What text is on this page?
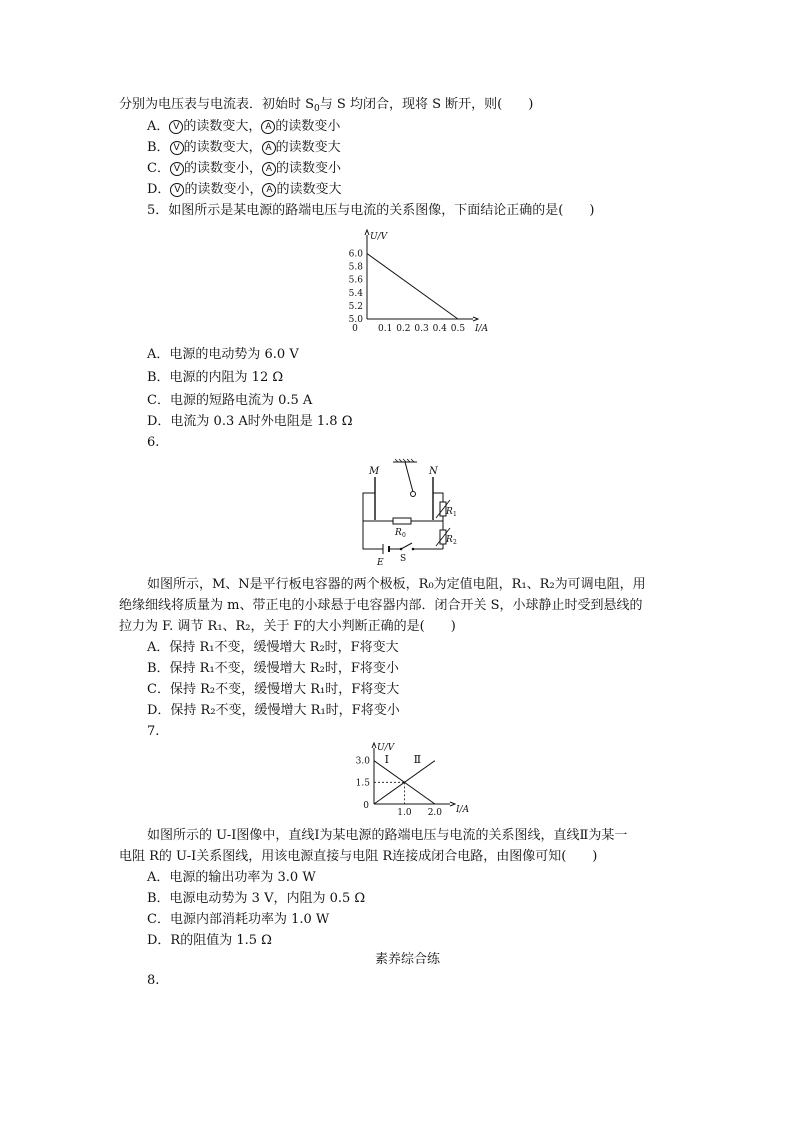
分别为电压表与电流表．初始时 $S_0$与 S 均闭合，现将 S 断开，则(　　)
A． V 的读数变大， A 的读数变小
B． V 的读数变大， A 的读数变大
C． V 的读数变小， A 的读数变小
D． V 的读数变小， A 的读数变大
5．如图所示是某电源的路端电压与电流的关系图像，下面结论正确的是(　　)
U/V
I/A
5.0
5.2
5.4
5.6
5.8
6.0
0 0.1 0.2 0.3 0.4 0.5
A．电源的电动势为 6.0 V
B．电源的内阻为 12 Ω
C．电源的短路电流为 0.5 A
D．电流为 0.3 A时外电阻是 1.8 Ω
6.
M	N
R 0
R 1
R 2
E S
如图所示，M、N是平行板电容器的两个极板，R₀为定值电阻，R₁、R₂为可调电阻，用
绝缘细线将质量为 m、带正电的小球悬于电容器内部．闭合开关 S，小球静止时受到悬线的
拉力为 F. 调节 R₁、R₂，关于 F的大小判断正确的是(　　)
A．保持 R₁不变，缓慢增大 R₂时，F将变大
B．保持 R₁不变，缓慢增大 R₂时，F将变小
C．保持 R₂不变，缓慢增大 R₁时，F将变大
D．保持 R₂不变，缓慢增大 R₁时，F将变小
7.
U/V
I/A
0
1.5
3.0
1.0 2.0
Ⅰ Ⅱ
如图所示的 U-I图像中，直线Ⅰ为某电源的路端电压与电流的关系图线，直线Ⅱ为某一
电阻 R的 U-I关系图线，用该电源直接与电阻 R连接成闭合电路，由图像可知(　　)
A．电源的输出功率为 3.0 W
B．电源电动势为 3 V，内阻为 0.5 Ω
C．电源内部消耗功率为 1.0 W
D．R的阻值为 1.5 Ω
素养综合练
8.
